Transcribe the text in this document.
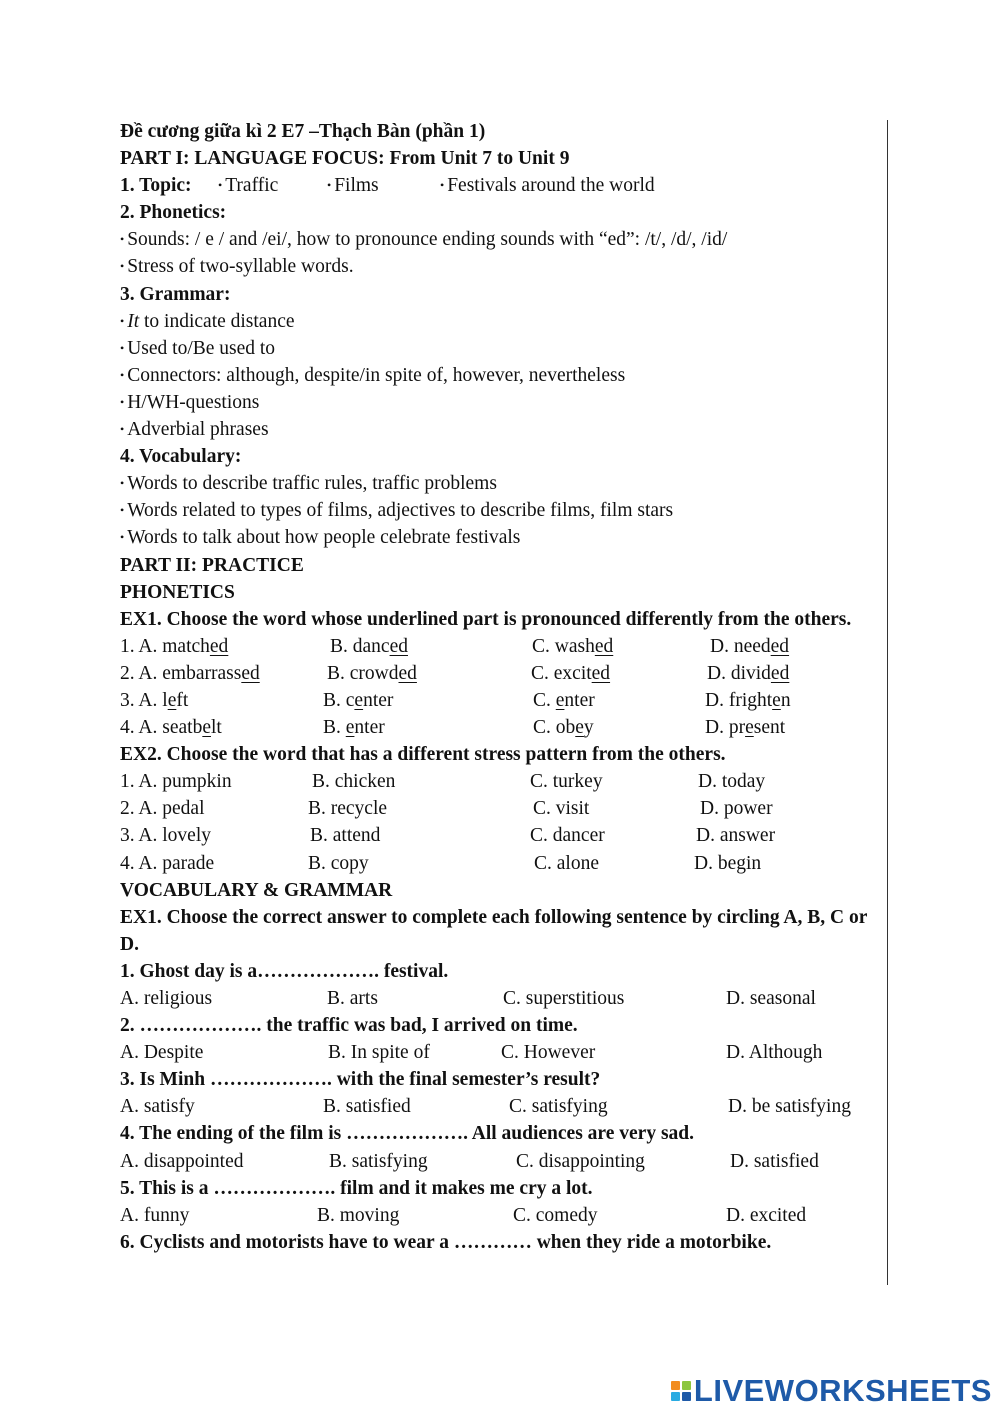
Đề cương giữa kì 2 E7 –Thạch Bàn (phần 1)
PART I: LANGUAGE FOCUS: From Unit 7 to Unit 9
1. Topic:	• Traffic	• Films	• Festivals around the world
2. Phonetics:
• Sounds: / e / and /ei/, how to pronounce ending sounds with “ed”: /t/, /d/, /id/
• Stress of two-syllable words.
3. Grammar:
• It to indicate distance
• Used to/Be used to
• Connectors: although, despite/in spite of, however, nevertheless
• H/WH-questions
• Adverbial phrases
4. Vocabulary:
• Words to describe traffic rules, traffic problems
• Words related to types of films, adjectives to describe films, film stars
• Words to talk about how people celebrate festivals
PART II: PRACTICE
PHONETICS
EX1. Choose the word whose underlined part is pronounced differently from the others.
1. A. matched	B. danced	C. washed	D. needed
2. A. embarrassed	B. crowded	C. excited	D. divided
3. A. left	B. center	C. enter	D. frighten
4. A. seatbelt	B. enter	C. obey	D. present
EX2. Choose the word that has a different stress pattern from the others.
1. A. pumpkin	B. chicken	C. turkey	D. today
2. A. pedal	B. recycle	C. visit	D. power
3. A. lovely	B. attend	C. dancer	D. answer
4. A. parade	B. copy	C. alone	D. begin
VOCABULARY & GRAMMAR
EX1. Choose the correct answer to complete each following sentence by circling A, B, C or D.
1. Ghost day is a………………. festival.
A. religious	B. arts	C. superstitious	D. seasonal
2. ………………. the traffic was bad, I arrived on time.
A. Despite	B. In spite of	C. However	D. Although
3. Is Minh ………………. with the final semester’s result?
A. satisfy	B. satisfied	C. satisfying	D. be satisfying
4. The ending of the film is ………………. All audiences are very sad.
A. disappointed	B. satisfying	C. disappointing	D. satisfied
5. This is a ………………. film and it makes me cry a lot.
A. funny	B. moving	C. comedy	D. excited
6. Cyclists and motorists have to wear a ………… when they ride a motorbike.
LIVEWORKSHEETS
